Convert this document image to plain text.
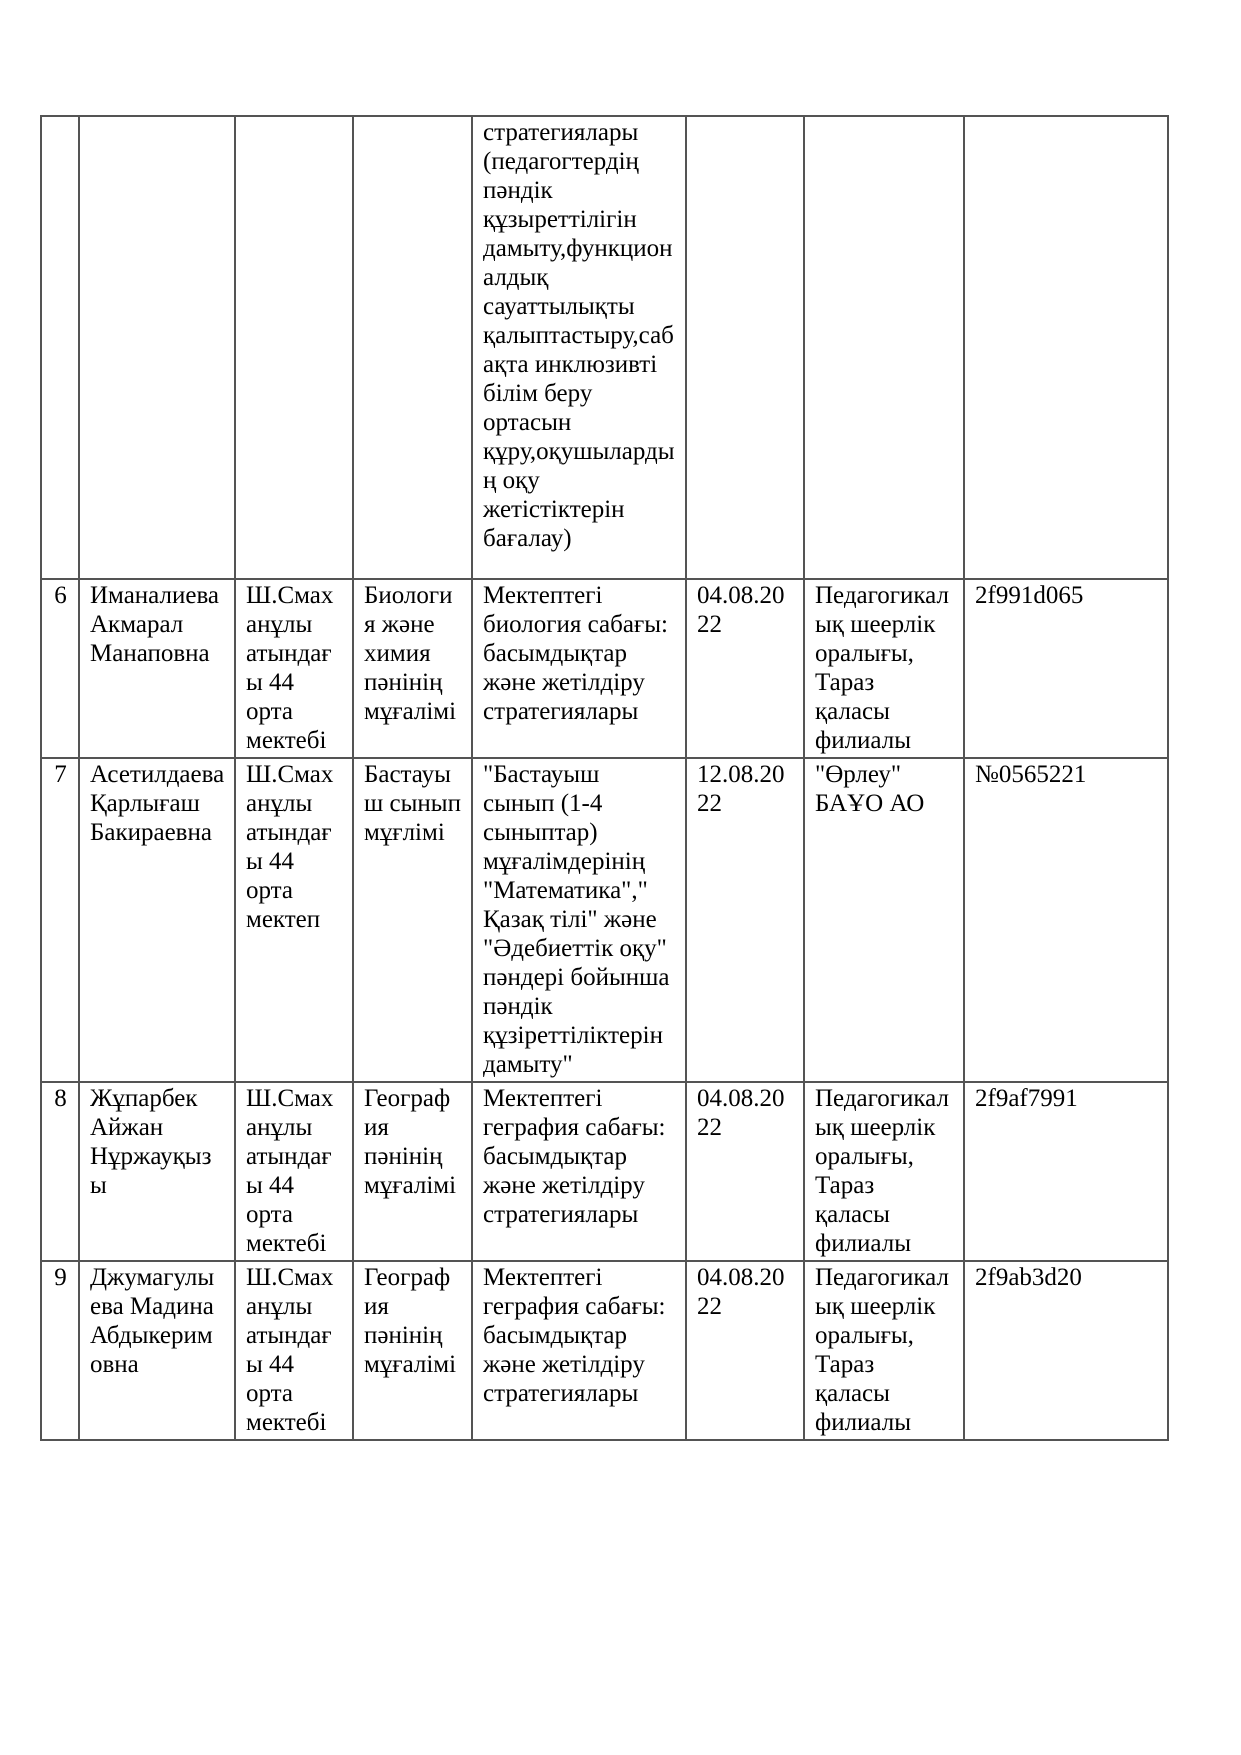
				стратегиялары (педагогтердің пәндік құзыреттілігін дамыту,функционалдық сауаттылықты қалыптастыру,сабақта инклюзивті білім беру ортасын құру,оқушылардың оқу жетістіктерін бағалау)			
6	Иманалиева Акмарал Манаповна	Ш.Смаханұлы атындағы 44 орта мектебі	Биология және химия пәнінің мұғалімі	Мектептегі биология сабағы: басымдықтар және жетілдіру стратегиялары	04.08.2022	Педагогикалық шеерлік оралығы, Тараз қаласы филиалы	2f991d065
7	Асетилдаева Қарлығаш Бакираевна	Ш.Смаханұлы атындағы 44 орта мектеп	Бастауыш сынып мұғлімі	"Бастауыш сынып (1-4 сыныптар) мұғалімдерінің "Математика"," Қазақ тілі" және "Әдебиеттік оқу" пәндері бойынша пәндік құзіреттіліктерін дамыту"	12.08.2022	"Өрлеу" БАҰО АО	№0565221
8	Жұпарбек Айжан Нұржауқызы	Ш.Смаханұлы атындағы 44 орта мектебі	География пәнінің мұғалімі	Мектептегі геграфия сабағы: басымдықтар және жетілдіру стратегиялары	04.08.2022	Педагогикалық шеерлік оралығы, Тараз қаласы филиалы	2f9af7991
9	Джумагулыева Мадина Абдыкеримовна	Ш.Смаханұлы атындағы 44 орта мектебі	География пәнінің мұғалімі	Мектептегі геграфия сабағы: басымдықтар және жетілдіру стратегиялары	04.08.2022	Педагогикалық шеерлік оралығы, Тараз қаласы филиалы	2f9ab3d20
